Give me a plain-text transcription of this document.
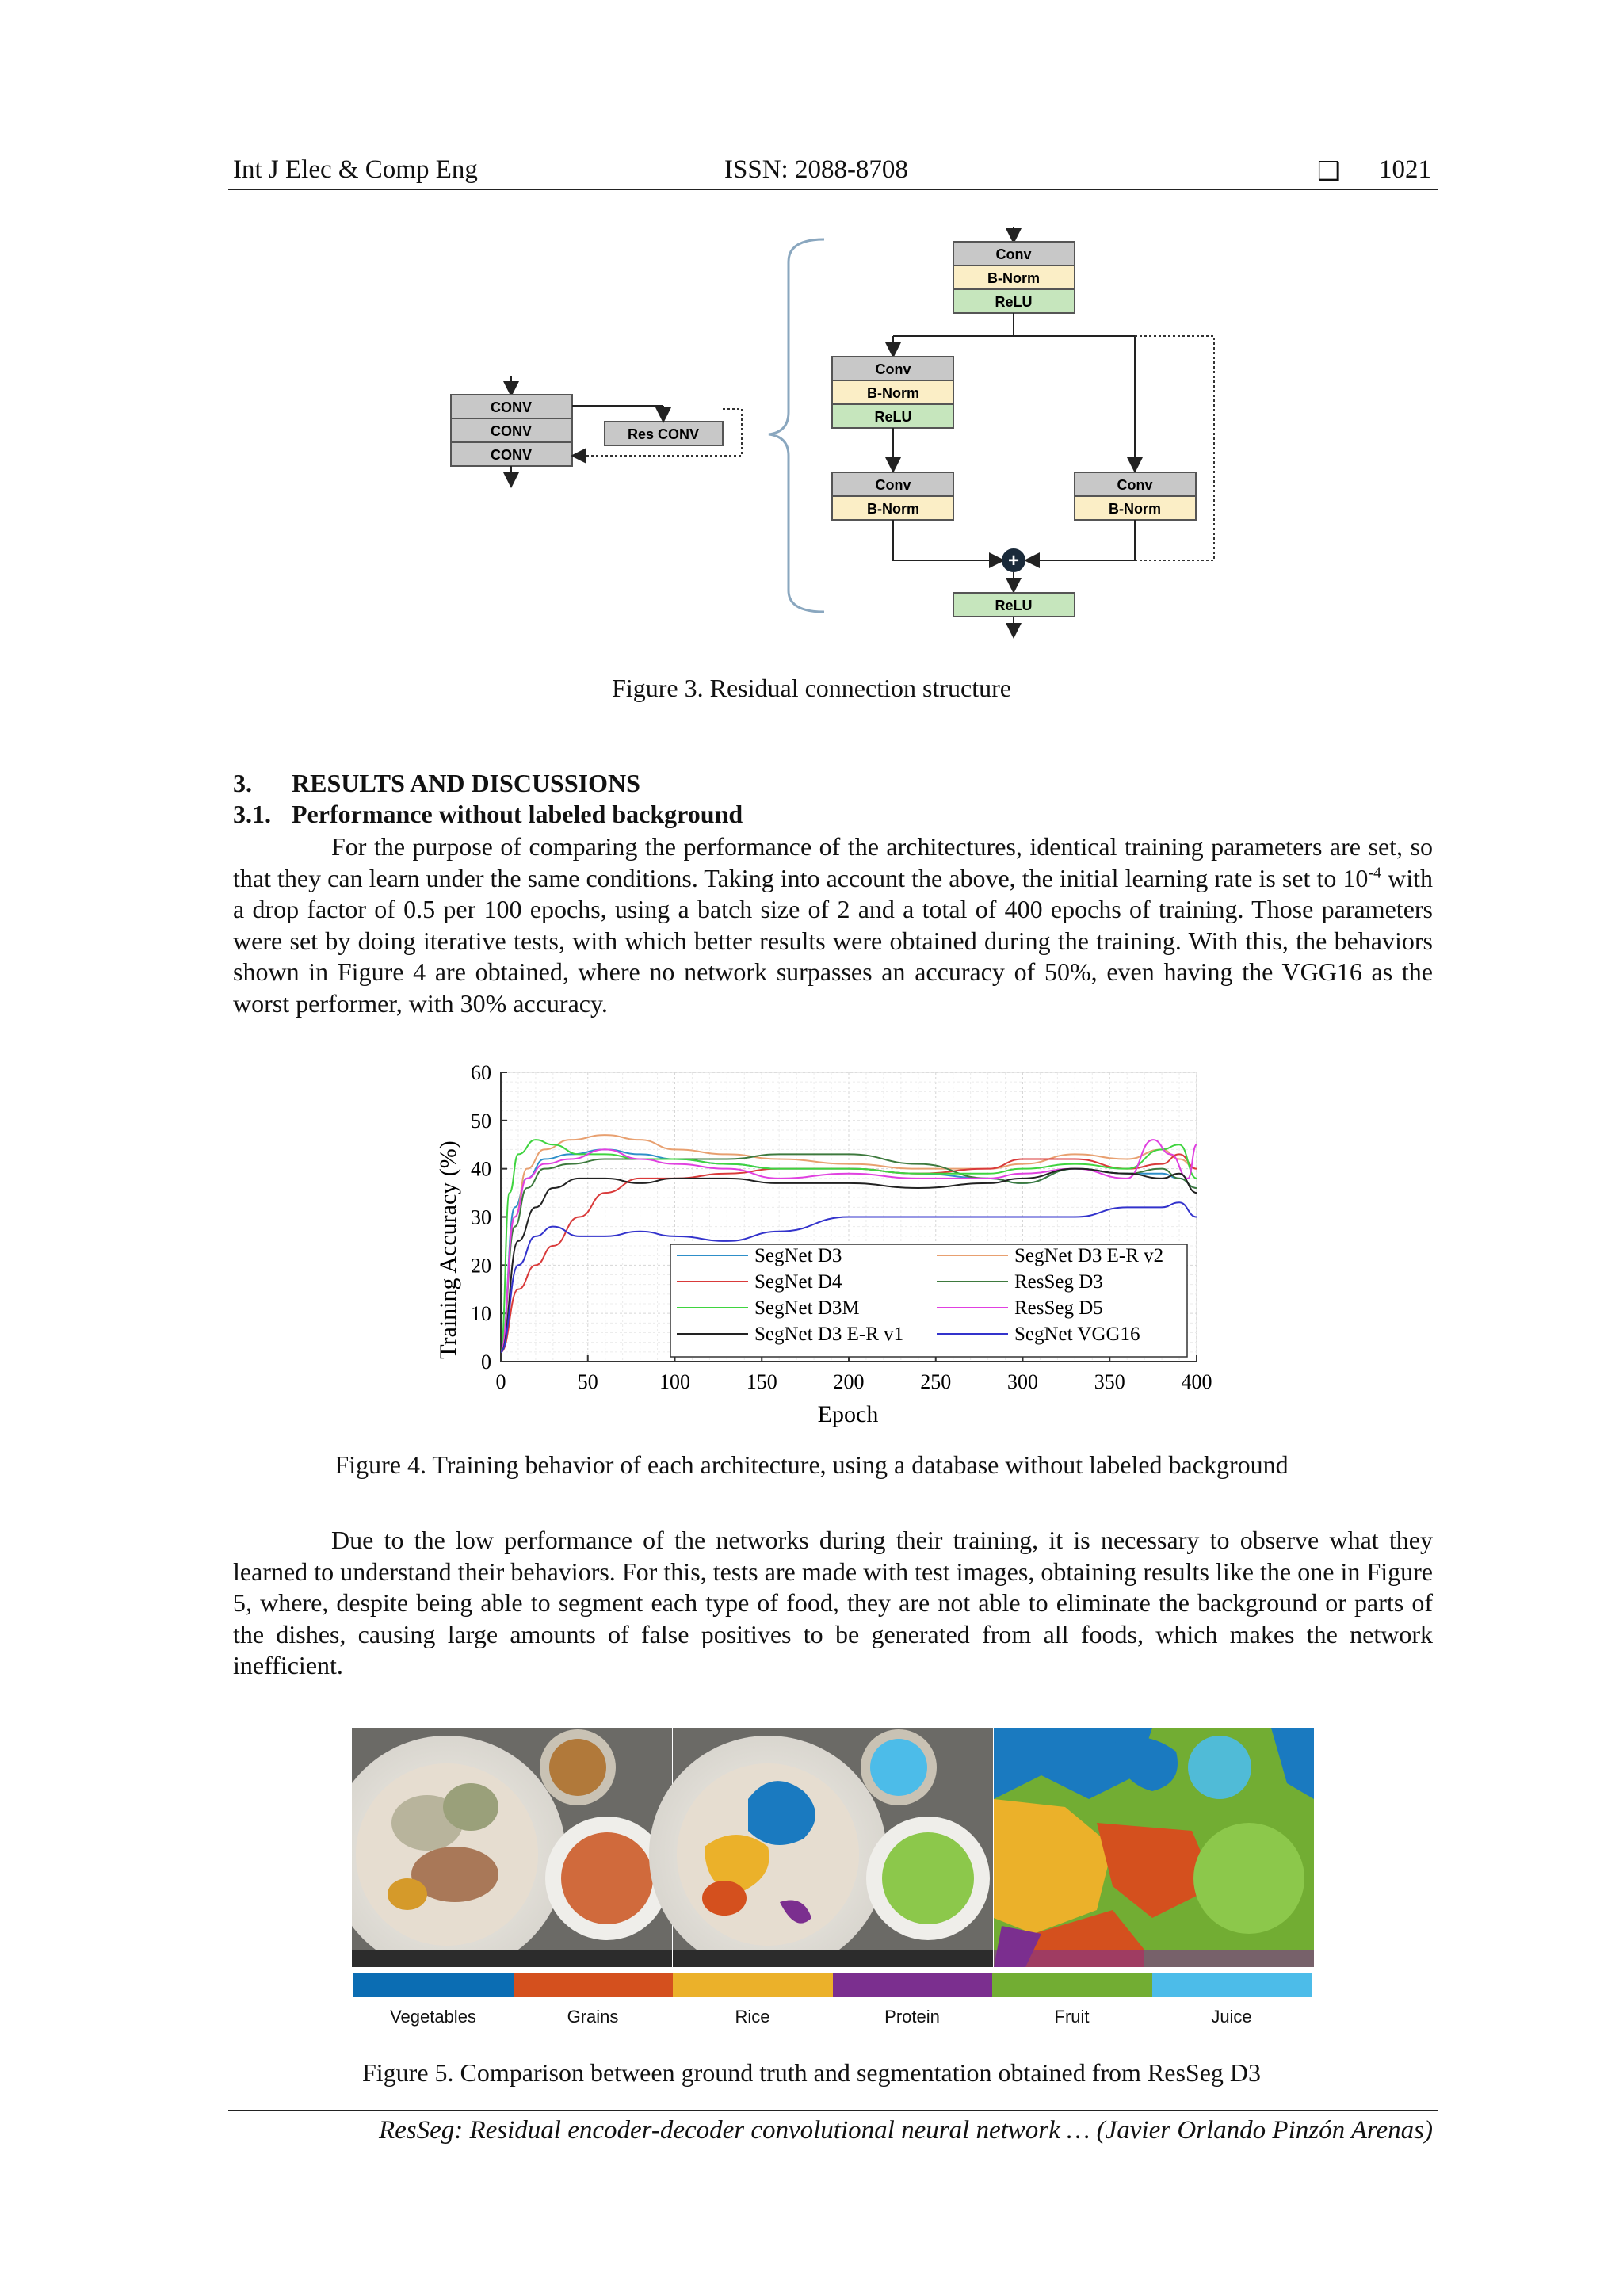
Int J Elec & Comp Eng	ISSN: 2088-8708	❑ 1021
CONV
CONV
CONV
Res CONV
Conv
B-Norm
ReLU
Conv
B-Norm
ReLU
Conv
B-Norm
Conv
B-Norm
+
ReLU
Figure 3. Residual connection structure
3. RESULTS AND DISCUSSIONS
3.1. Performance without labeled background

For the purpose of comparing the performance of the architectures, identical training parameters are set, so that they can learn under the same conditions. Taking into account the above, the initial learning rate is set to $10^{-4}$ with a drop factor of 0.5 per 100 epochs, using a batch size of 2 and a total of 400 epochs of training. Those parameters were set by doing iterative tests, with which better results were obtained during the training. With this, the behaviors shown in Figure 4 are obtained, where no network surpasses an accuracy of 50%, even having the VGG16 as the worst performer, with 30% accuracy.

0	50	100	150	200	250	300	350	400
0
10
20
30
40
50
60
SegNet D3	SegNet D3 E-R v2
SegNet D4	ResSeg D3
SegNet D3M	ResSeg D5
SegNet D3 E-R v1	SegNet VGG16
Epoch
Training Accuracy (%)
Figure 4. Training behavior of each architecture, using a database without labeled background

Due to the low performance of the networks during their training, it is necessary to observe what they learned to understand their behaviors. For this, tests are made with test images, obtaining results like the one in Figure 5, where, despite being able to segment each type of food, they are not able to eliminate the background or parts of the dishes, causing large amounts of false positives to be generated from all foods, which makes the network inefficient.

Vegetables	Grains	Rice	Protein	Fruit	Juice
Figure 5. Comparison between ground truth and segmentation obtained from ResSeg D3
ResSeg: Residual encoder-decoder convolutional neural network … (Javier Orlando Pinzón Arenas)
